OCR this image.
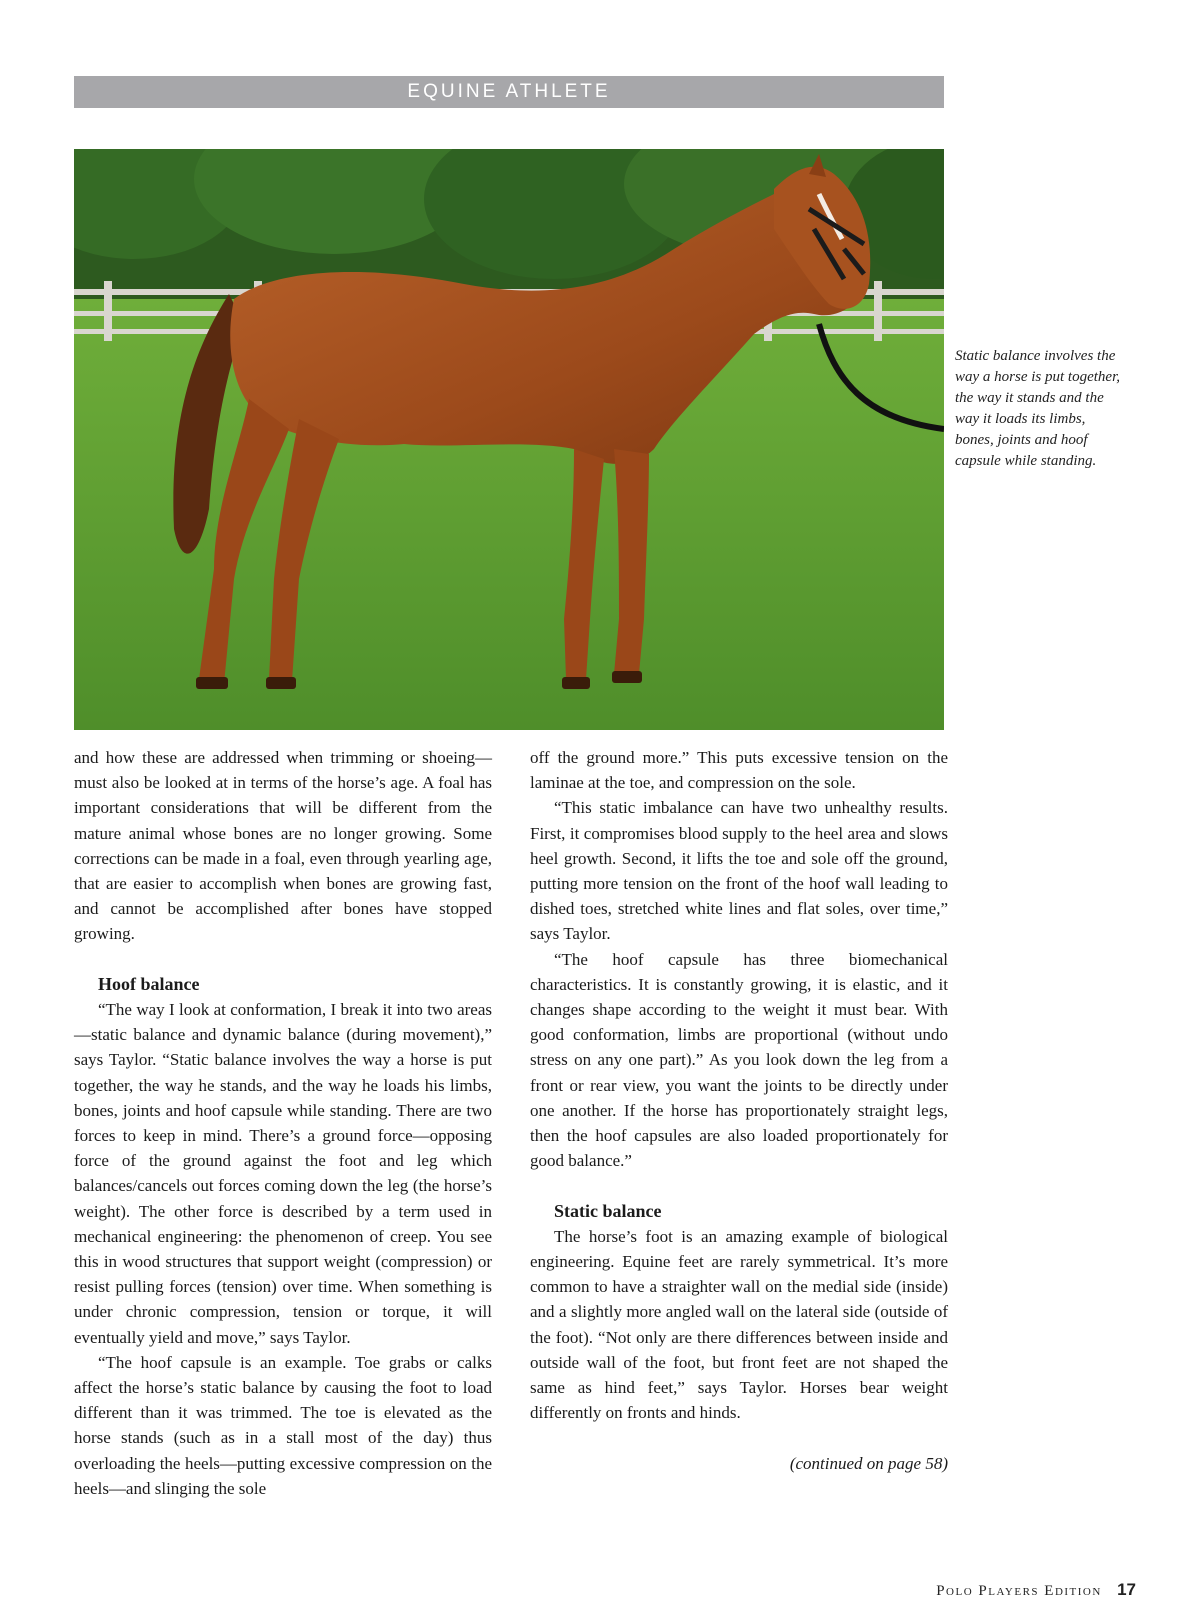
EQUINE ATHLETE
Static balance involves the way a horse is put together, the way it stands and the way it loads its limbs, bones, joints and hoof capsule while standing.

and how these are addressed when trimming or shoeing—must also be looked at in terms of the horse’s age. A foal has important considerations that will be different from the mature animal whose bones are no longer growing. Some corrections can be made in a foal, even through yearling age, that are easier to accomplish when bones are growing fast, and cannot be accomplished after bones have stopped growing.

Hoof balance

“The way I look at conformation, I break it into two areas—static balance and dynamic balance (during movement),” says Taylor. “Static balance involves the way a horse is put together, the way he stands, and the way he loads his limbs, bones, joints and hoof capsule while standing. There are two forces to keep in mind. There’s a ground force—opposing force of the ground against the foot and leg which balances/cancels out forces coming down the leg (the horse’s weight). The other force is described by a term used in mechanical engineering: the phenomenon of creep. You see this in wood structures that support weight (compression) or resist pulling forces (tension) over time. When something is under chronic compression, tension or torque, it will eventually yield and move,” says Taylor.

“The hoof capsule is an example. Toe grabs or calks affect the horse’s static balance by causing the foot to load different than it was trimmed. The toe is elevated as the horse stands (such as in a stall most of the day) thus overloading the heels—putting excessive compression on the heels—and slinging the sole

off the ground more.” This puts excessive tension on the laminae at the toe, and compression on the sole.

“This static imbalance can have two unhealthy results. First, it compromises blood supply to the heel area and slows heel growth. Second, it lifts the toe and sole off the ground, putting more tension on the front of the hoof wall leading to dished toes, stretched white lines and flat soles, over time,” says Taylor.

“The hoof capsule has three biomechanical characteristics. It is constantly growing, it is elastic, and it changes shape according to the weight it must bear. With good conformation, limbs are proportional (without undo stress on any one part).” As you look down the leg from a front or rear view, you want the joints to be directly under one another. If the horse has proportionately straight legs, then the hoof capsules are also loaded proportionately for good balance.”

Static balance

The horse’s foot is an amazing example of biological engineering. Equine feet are rarely symmetrical. It’s more common to have a straighter wall on the medial side (inside) and a slightly more angled wall on the lateral side (outside of the foot). “Not only are there differences between inside and outside wall of the foot, but front feet are not shaped the same as hind feet,” says Taylor. Horses bear weight differently on fronts and hinds.

(continued on page 58)

Polo Players Edition 17
